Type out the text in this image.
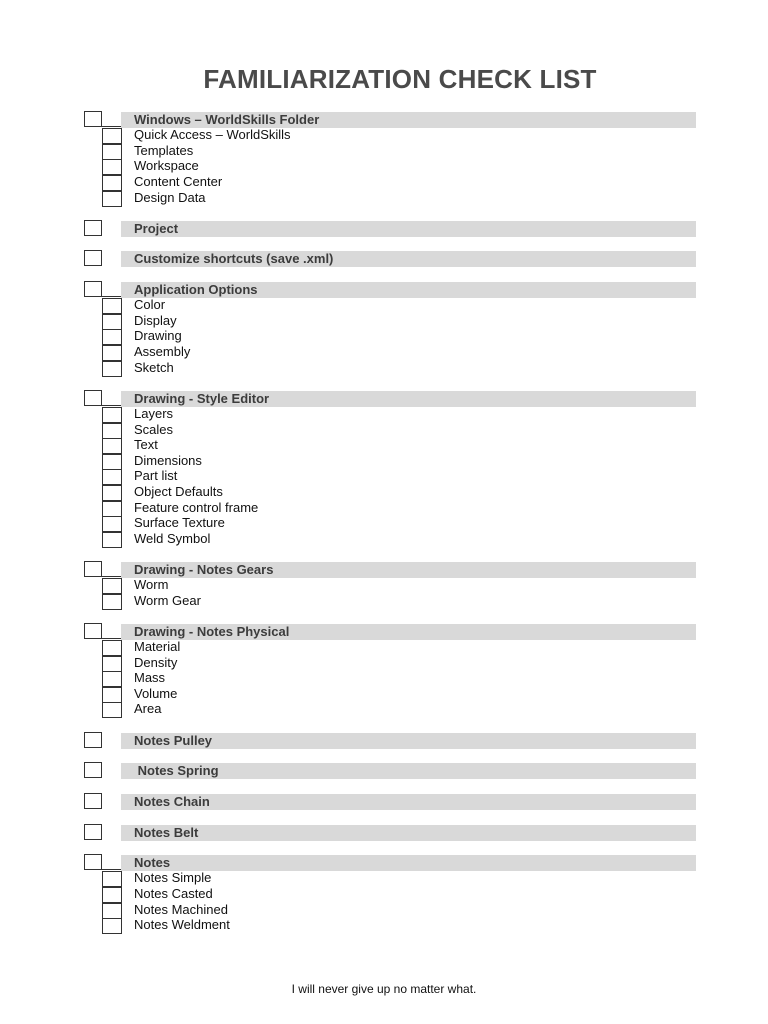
FAMILIARIZATION CHECK LIST
Windows – WorldSkills Folder
Quick Access – WorldSkills
Templates
Workspace
Content Center
Design Data
Project
Customize shortcuts (save .xml)
Application Options
Color
Display
Drawing
Assembly
Sketch
Drawing - Style Editor
Layers
Scales
Text
Dimensions
Part list
Object Defaults
Feature control frame
Surface Texture
Weld Symbol
Drawing - Notes Gears
Worm
Worm Gear
Drawing - Notes Physical
Material
Density
Mass
Volume
Area
Notes Pulley
Notes Spring
Notes Chain
Notes Belt
Notes
Notes Simple
Notes Casted
Notes Machined
Notes Weldment
I will never give up no matter what.
